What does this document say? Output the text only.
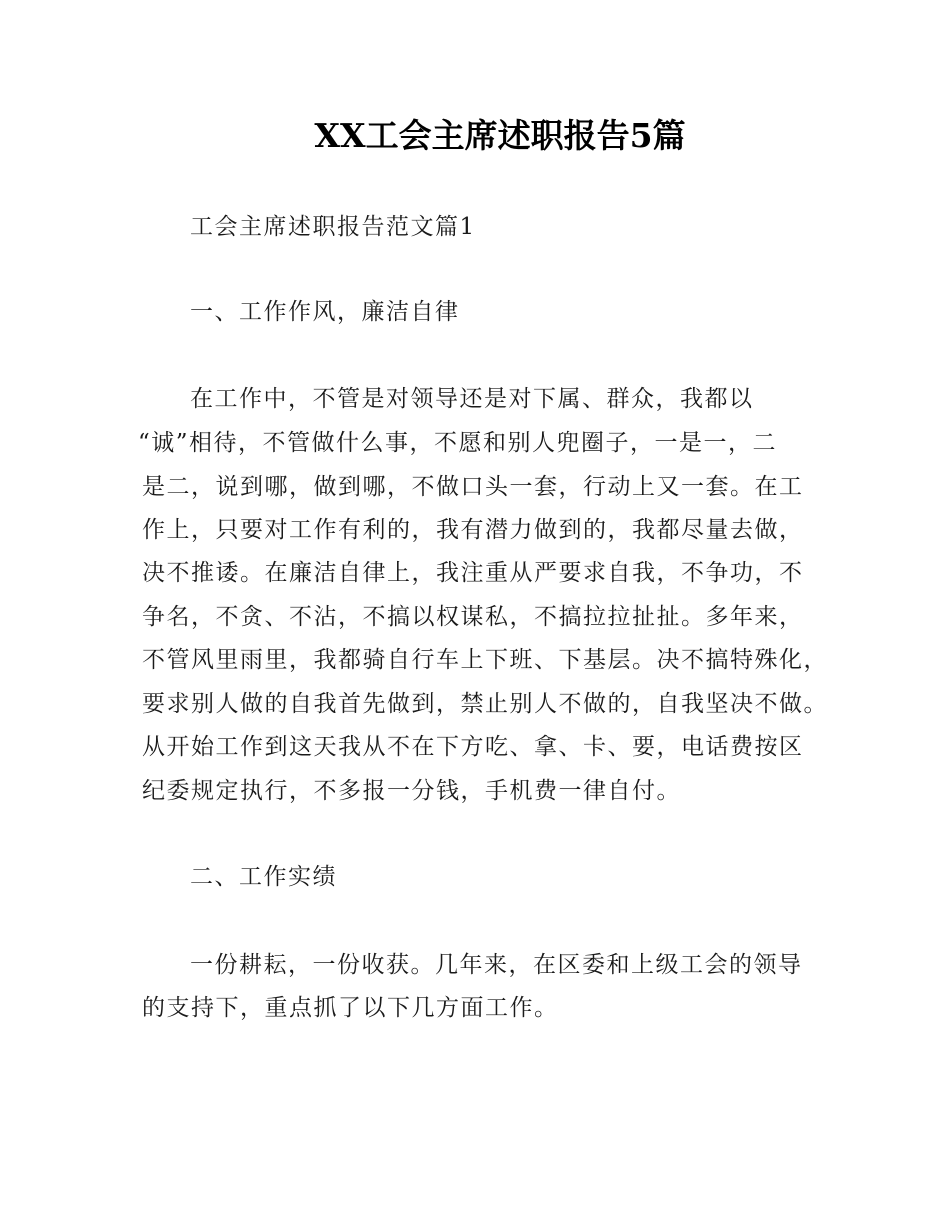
XX工会主席述职报告5篇
工会主席述职报告范文篇1
一、工作作风，廉洁自律
在工作中，不管是对领导还是对下属、群众，我都以
“诚”相待，不管做什么事，不愿和别人兜圈子，一是一，二
是二，说到哪，做到哪，不做口头一套，行动上又一套。在工
作上，只要对工作有利的，我有潜力做到的，我都尽量去做，
决不推诿。在廉洁自律上，我注重从严要求自我，不争功，不
争名，不贪、不沾，不搞以权谋私，不搞拉拉扯扯。多年来，
不管风里雨里，我都骑自行车上下班、下基层。决不搞特殊化，
要求别人做的自我首先做到，禁止别人不做的，自我坚决不做。
从开始工作到这天我从不在下方吃、拿、卡、要，电话费按区
纪委规定执行，不多报一分钱，手机费一律自付。
二、工作实绩
一份耕耘，一份收获。几年来，在区委和上级工会的领导
的支持下，重点抓了以下几方面工作。
